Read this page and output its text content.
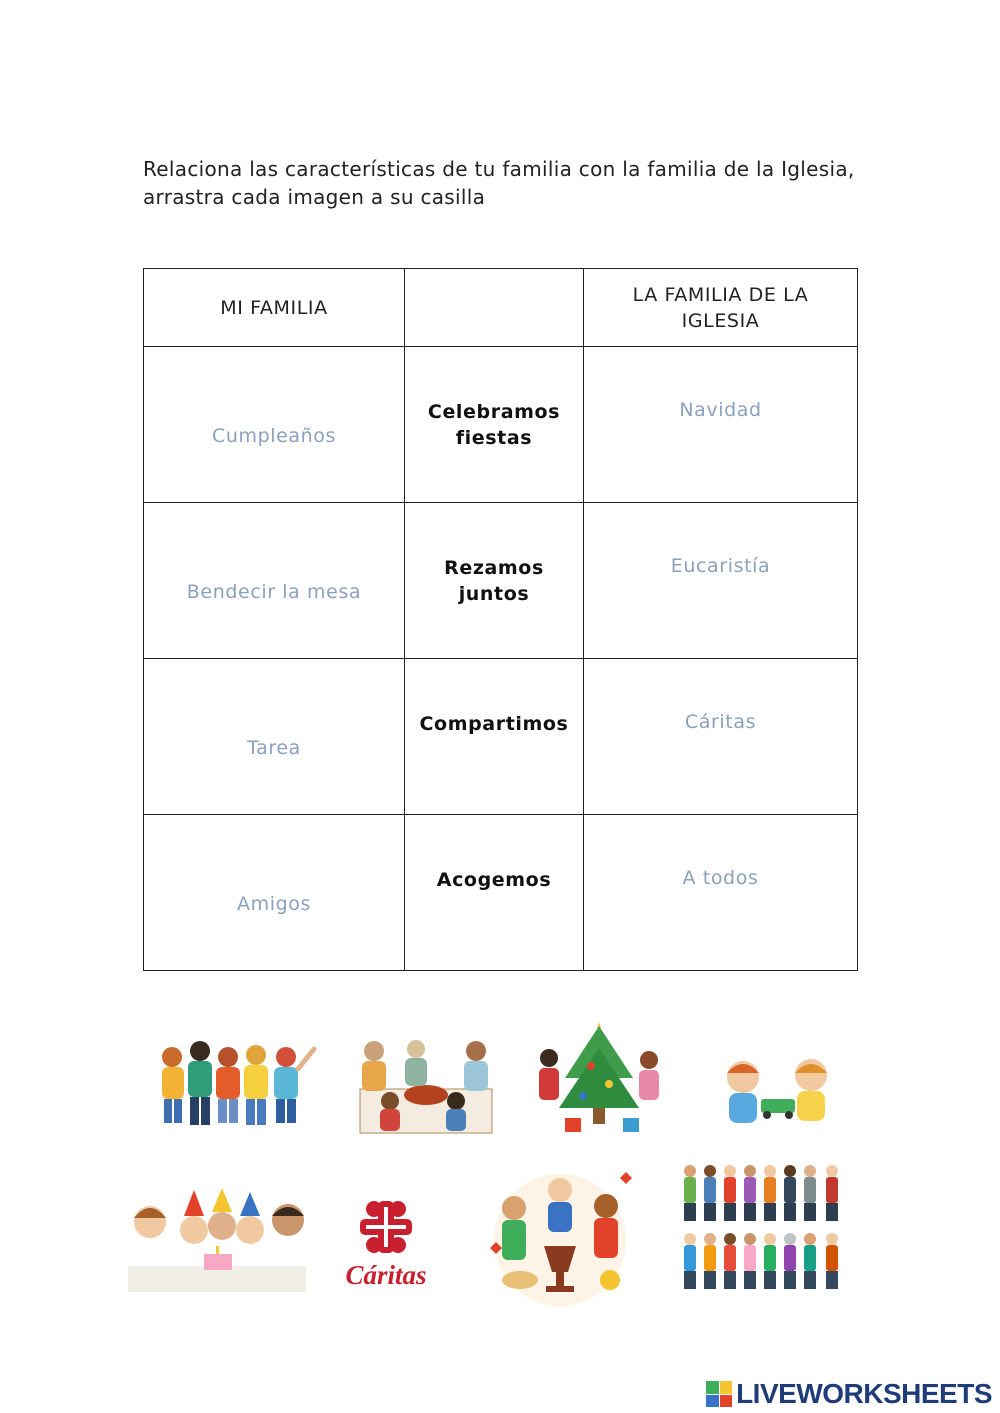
Relaciona las características de tu familia con la familia de la Iglesia, arrastra cada imagen a su casilla
MI FAMILIA		LA FAMILIA DE LA IGLESIA

Cumpleaños	Celebramos fiestas	Navidad

Bendecir la mesa	Rezamos juntos	Eucaristía

Tarea	Compartimos	Cáritas

Amigos	Acogemos	A todos
Cáritas
LIVEWORKSHEETS
